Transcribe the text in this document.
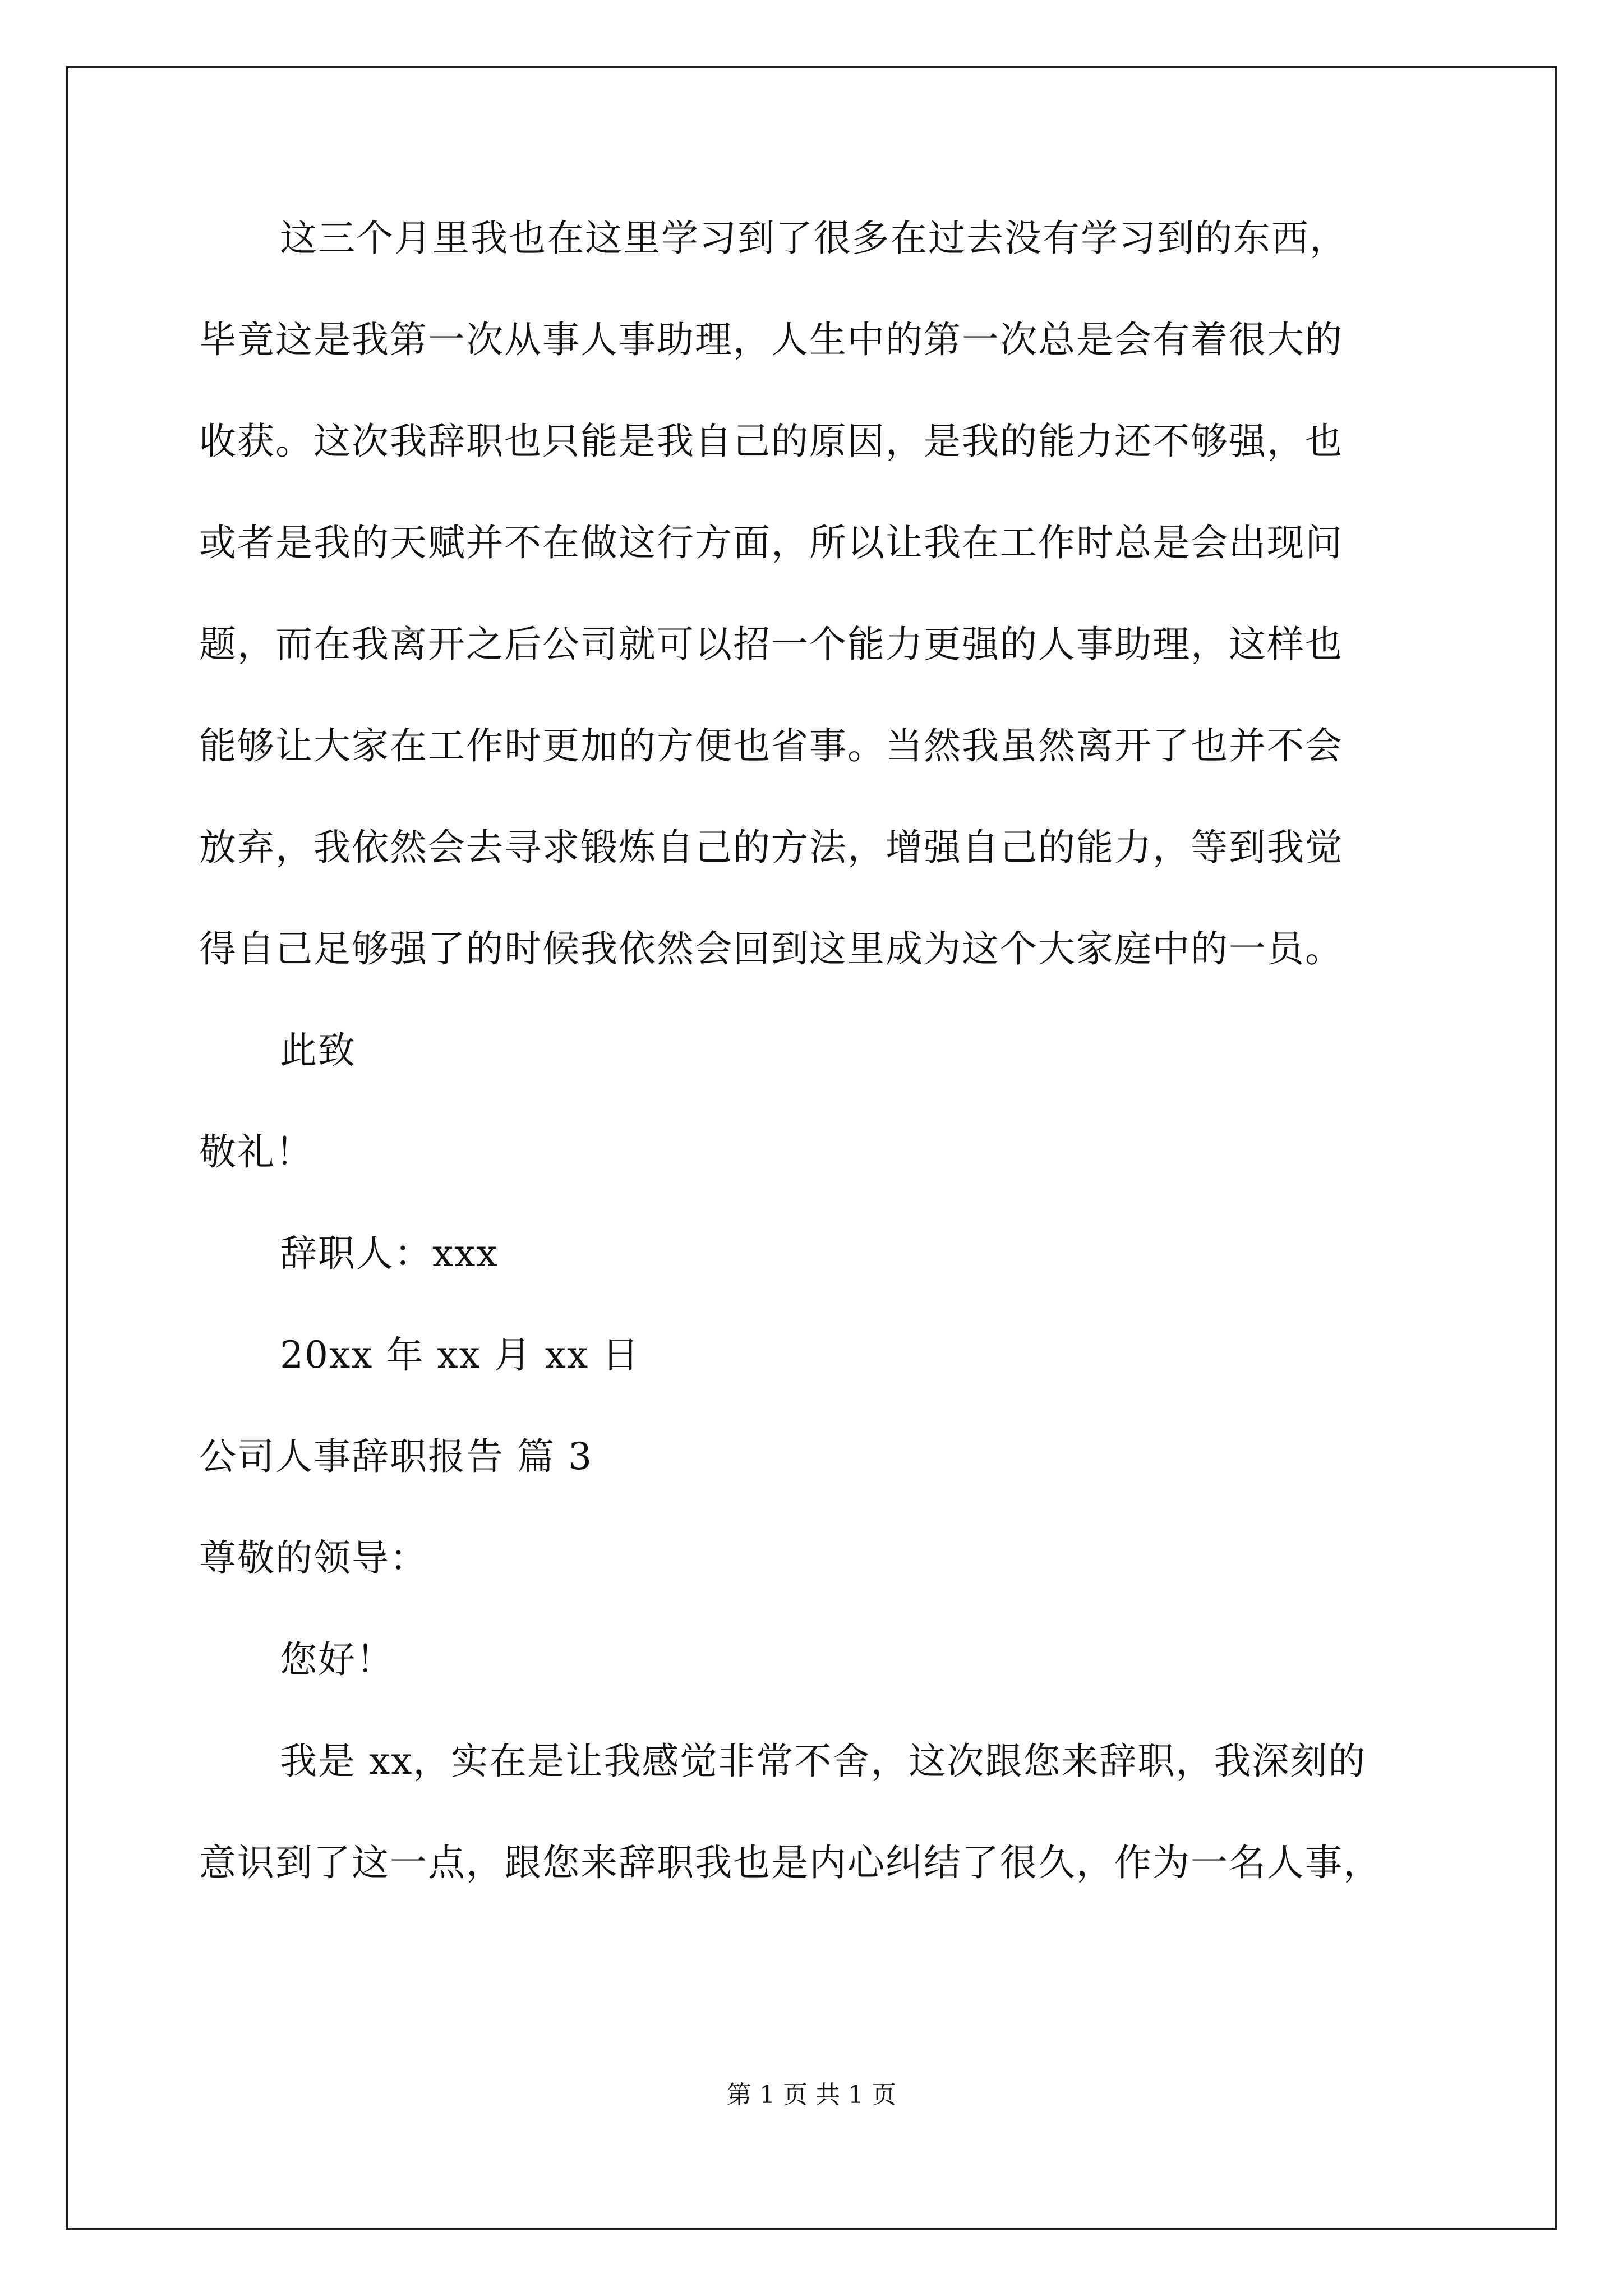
这三个月里我也在这里学习到了很多在过去没有学习到的东西，
毕竟这是我第一次从事人事助理，人生中的第一次总是会有着很大的
收获。这次我辞职也只能是我自己的原因，是我的能力还不够强，也
或者是我的天赋并不在做这行方面，所以让我在工作时总是会出现问
题，而在我离开之后公司就可以招一个能力更强的人事助理，这样也
能够让大家在工作时更加的方便也省事。当然我虽然离开了也并不会
放弃，我依然会去寻求锻炼自己的方法，增强自己的能力，等到我觉
得自己足够强了的时候我依然会回到这里成为这个大家庭中的一员。
此致
敬礼！
辞职人：xxx
20xx 年 xx 月 xx 日
公司人事辞职报告 篇 3
尊敬的领导：
您好！
我是 xx，实在是让我感觉非常不舍，这次跟您来辞职，我深刻的
意识到了这一点，跟您来辞职我也是内心纠结了很久，作为一名人事，
第 1 页 共 1 页
